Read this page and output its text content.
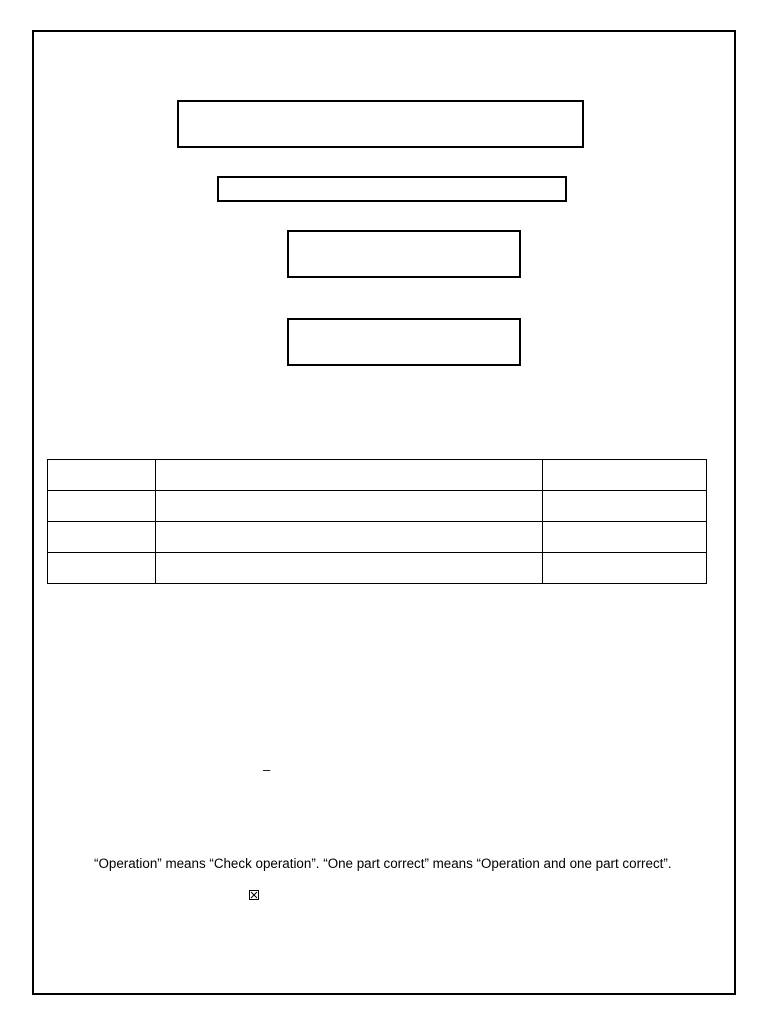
–
“Operation” means “Check operation”. “One part correct” means “Operation and one part correct”.
